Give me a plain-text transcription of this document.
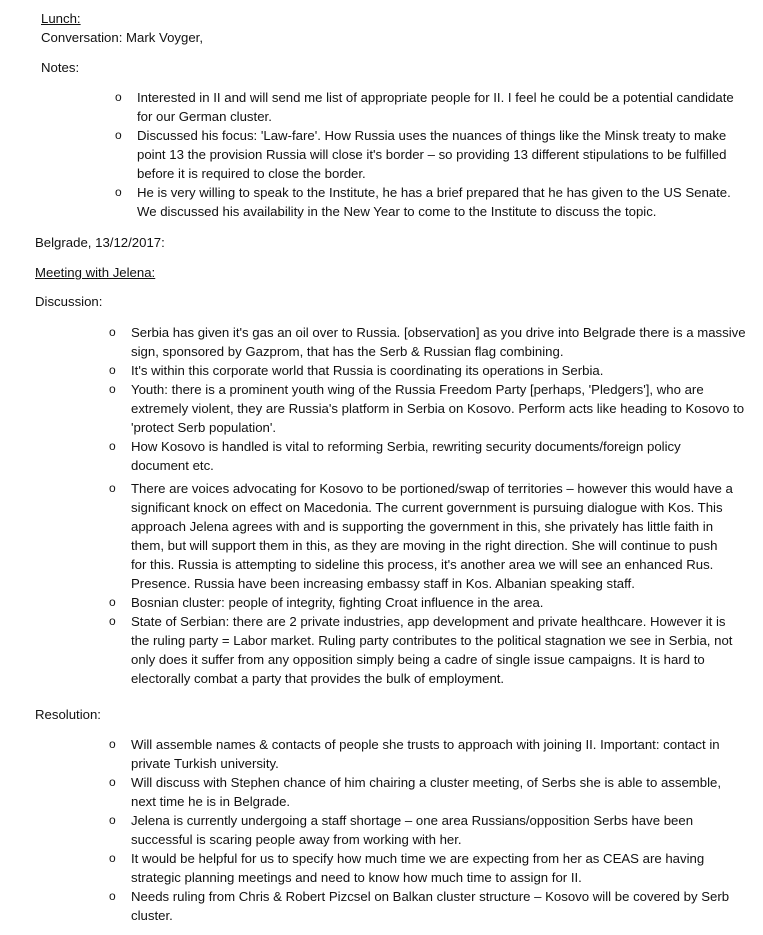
Lunch:
Conversation: Mark Voyger,
Notes:
o Interested in II and will send me list of appropriate people for II. I feel he could be a potential candidate
for our German cluster.
o Discussed his focus: 'Law-fare'. How Russia uses the nuances of things like the Minsk treaty to make
point 13 the provision Russia will close it's border – so providing 13 different stipulations to be fulfilled
before it is required to close the border.
o He is very willing to speak to the Institute, he has a brief prepared that he has given to the US Senate.
We discussed his availability in the New Year to come to the Institute to discuss the topic.
Belgrade, 13/12/2017:
Meeting with Jelena:
Discussion:
o Serbia has given it's gas an oil over to Russia. [observation] as you drive into Belgrade there is a massive
sign, sponsored by Gazprom, that has the Serb & Russian flag combining.
o It's within this corporate world that Russia is coordinating its operations in Serbia.
o Youth: there is a prominent youth wing of the Russia Freedom Party [perhaps, 'Pledgers'], who are
extremely violent, they are Russia's platform in Serbia on Kosovo. Perform acts like heading to Kosovo to
'protect Serb population'.
o How Kosovo is handled is vital to reforming Serbia, rewriting security documents/foreign policy
document etc.
o There are voices advocating for Kosovo to be portioned/swap of territories – however this would have a
significant knock on effect on Macedonia. The current government is pursuing dialogue with Kos. This
approach Jelena agrees with and is supporting the government in this, she privately has little faith in
them, but will support them in this, as they are moving in the right direction. She will continue to push
for this. Russia is attempting to sideline this process, it's another area we will see an enhanced Rus.
Presence. Russia have been increasing embassy staff in Kos. Albanian speaking staff.
o Bosnian cluster: people of integrity, fighting Croat influence in the area.
o State of Serbian: there are 2 private industries, app development and private healthcare. However it is
the ruling party = Labor market. Ruling party contributes to the political stagnation we see in Serbia, not
only does it suffer from any opposition simply being a cadre of single issue campaigns. It is hard to
electorally combat a party that provides the bulk of employment.
Resolution:
o Will assemble names & contacts of people she trusts to approach with joining II. Important: contact in
private Turkish university.
o Will discuss with Stephen chance of him chairing a cluster meeting, of Serbs she is able to assemble,
next time he is in Belgrade.
o Jelena is currently undergoing a staff shortage – one area Russians/opposition Serbs have been
successful is scaring people away from working with her.
o It would be helpful for us to specify how much time we are expecting from her as CEAS are having
strategic planning meetings and need to know how much time to assign for II.
o Needs ruling from Chris & Robert Pizcsel on Balkan cluster structure – Kosovo will be covered by Serb
cluster.
